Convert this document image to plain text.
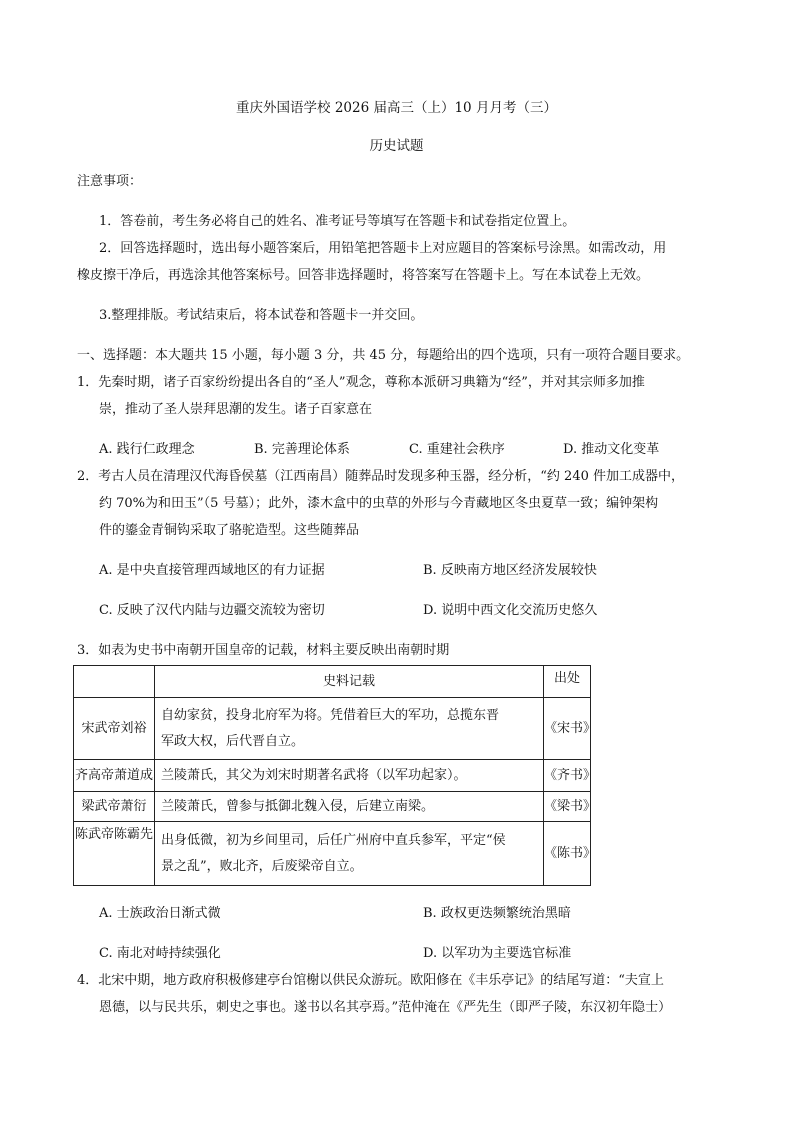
重庆外国语学校 2026 届高三（上）10 月月考（三）
历史试题
注意事项：
1．答卷前，考生务必将自己的姓名、准考证号等填写在答题卡和试卷指定位置上。
2．回答选择题时，选出每小题答案后，用铅笔把答题卡上对应题目的答案标号涂黑。如需改动，用
橡皮擦干净后，再选涂其他答案标号。回答非选择题时，将答案写在答题卡上。写在本试卷上无效。
3.整理排版。考试结束后，将本试卷和答题卡一并交回。
一、选择题：本大题共 15 小题，每小题 3 分，共 45 分，每题给出的四个选项，只有一项符合题目要求。
1．先秦时期，诸子百家纷纷提出各自的“圣人”观念，尊称本派研习典籍为“经”，并对其宗师多加推
崇，推动了圣人崇拜思潮的发生。诸子百家意在
A. 践行仁政理念	B. 完善理论体系	C. 重建社会秩序	D. 推动文化变革
2．考古人员在清理汉代海昏侯墓（江西南昌）随葬品时发现多种玉器，经分析，“约 240 件加工成器中，
约 70%为和田玉”（5 号墓）；此外，漆木盒中的虫草的外形与今青藏地区冬虫夏草一致；编钟架构
件的鎏金青铜钩采取了骆驼造型。这些随葬品
A. 是中央直接管理西域地区的有力证据	B. 反映南方地区经济发展较快
C. 反映了汉代内陆与边疆交流较为密切	D. 说明中西文化交流历史悠久
3．如表为史书中南朝开国皇帝的记载，材料主要反映出南朝时期
	史料记载	出处
宋武帝刘裕	自幼家贫，投身北府军为将。凭借着巨大的军功，总揽东晋
军政大权，后代晋自立。	《宋书》
齐高帝萧道成	兰陵萧氏，其父为刘宋时期著名武将（以军功起家）。	《齐书》
梁武帝萧衍	兰陵萧氏，曾参与抵御北魏入侵，后建立南梁。	《梁书》
陈武帝陈霸先	出身低微，初为乡间里司，后任广州府中直兵参军，平定“侯
景之乱”，败北齐，后废梁帝自立。	《陈书》
A. 士族政治日渐式微	B. 政权更迭频繁统治黑暗
C. 南北对峙持续强化	D. 以军功为主要选官标准
4．北宋中期，地方政府积极修建亭台馆榭以供民众游玩。欧阳修在《丰乐亭记》的结尾写道：“夫宣上
恩德，以与民共乐，刺史之事也。遂书以名其亭焉。”范仲淹在《严先生（即严子陵，东汉初年隐士）
